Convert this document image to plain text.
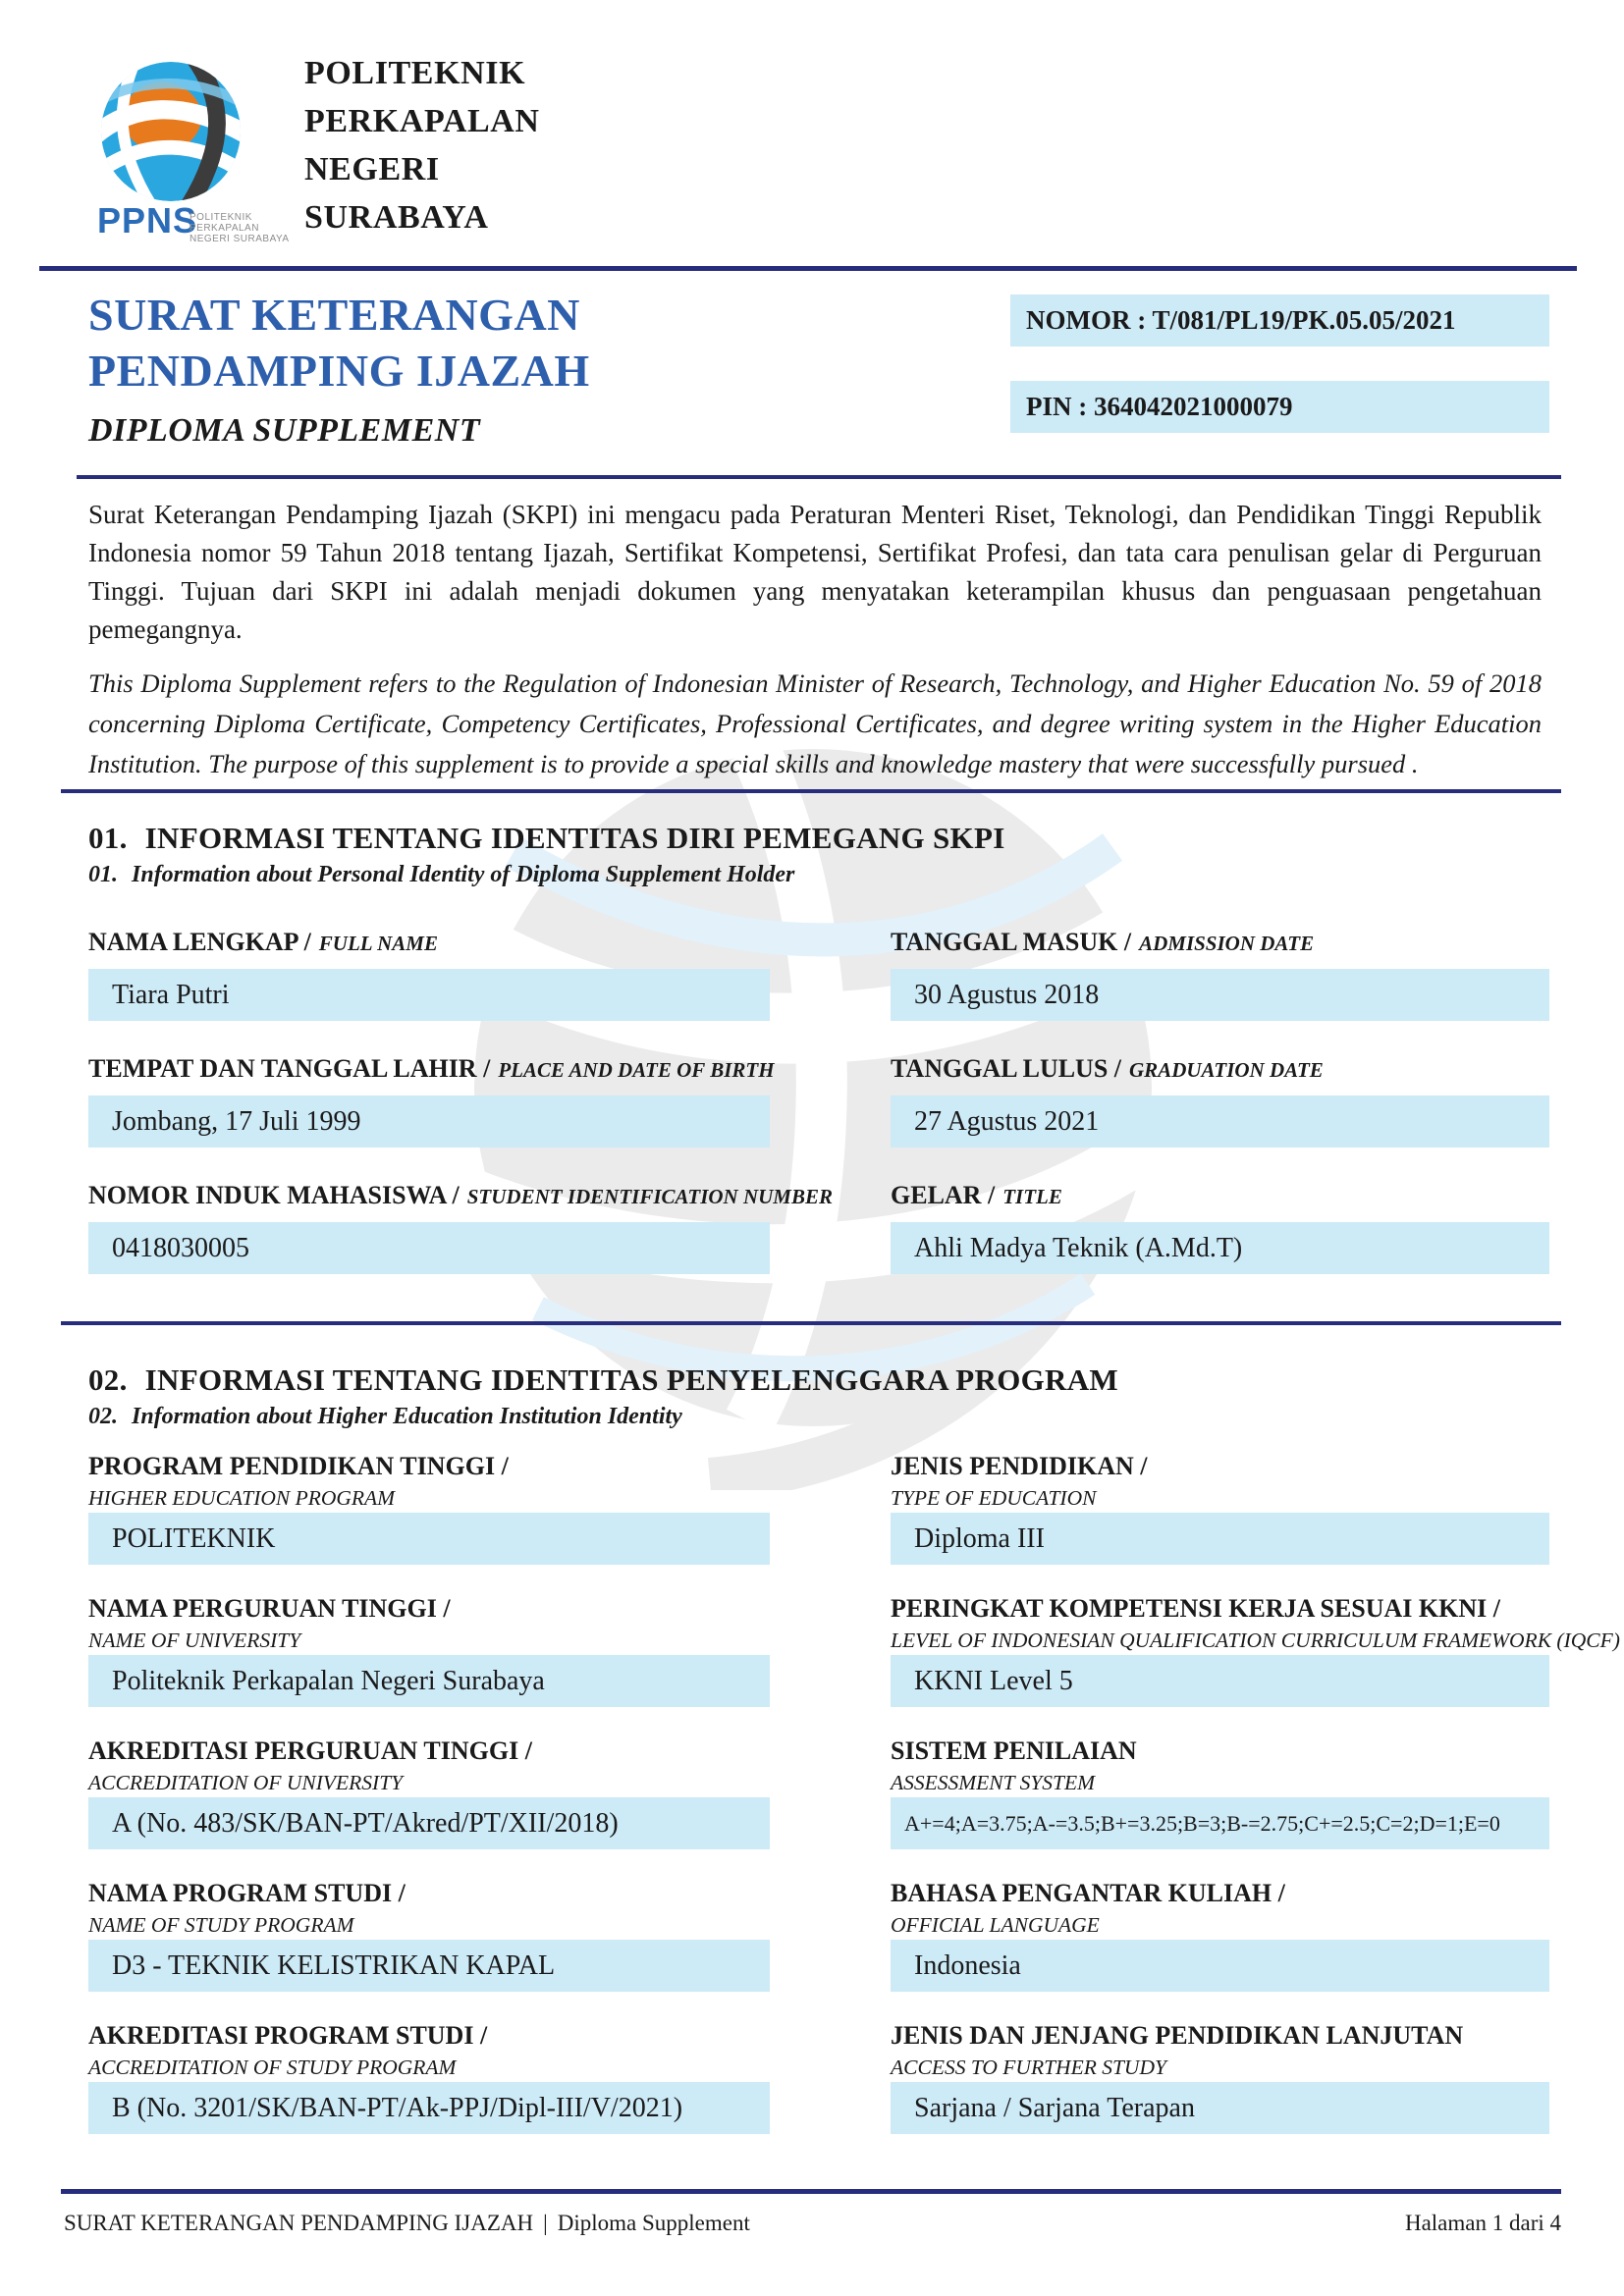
PPNS
POLITEKNIK
PERKAPALAN
NEGERI SURABAYA
POLITEKNIK
PERKAPALAN
NEGERI
SURABAYA
SURAT KETERANGAN
PENDAMPING IJAZAH
DIPLOMA SUPPLEMENT
NOMOR : T/081/PL19/PK.05.05/2021
PIN : 364042021000079
Surat Keterangan Pendamping Ijazah (SKPI) ini mengacu pada Peraturan Menteri Riset, Teknologi, dan Pendidikan Tinggi Republik Indonesia nomor 59 Tahun 2018 tentang Ijazah, Sertifikat Kompetensi, Sertifikat Profesi, dan tata cara penulisan gelar di Perguruan Tinggi. Tujuan dari SKPI ini adalah menjadi dokumen yang menyatakan keterampilan khusus dan penguasaan pengetahuan pemegangnya.
This Diploma Supplement refers to the Regulation of Indonesian Minister of Research, Technology, and Higher Education No. 59 of 2018 concerning Diploma Certificate, Competency Certificates, Professional Certificates, and degree writing system in the Higher Education Institution. The purpose of this supplement is to provide a special skills and knowledge mastery that were successfully pursued .
01. INFORMASI TENTANG IDENTITAS DIRI PEMEGANG SKPI
01. Information about Personal Identity of Diploma Supplement Holder
NAMA LENGKAP / FULL NAME
Tiara Putri
TEMPAT DAN TANGGAL LAHIR / PLACE AND DATE OF BIRTH
Jombang, 17 Juli 1999
NOMOR INDUK MAHASISWA / STUDENT IDENTIFICATION NUMBER
0418030005
TANGGAL MASUK / ADMISSION DATE
30 Agustus 2018
TANGGAL LULUS / GRADUATION DATE
27 Agustus 2021
GELAR / TITLE
Ahli Madya Teknik (A.Md.T)
02. INFORMASI TENTANG IDENTITAS PENYELENGGARA PROGRAM
02. Information about Higher Education Institution Identity
PROGRAM PENDIDIKAN TINGGI /
HIGHER EDUCATION PROGRAM
POLITEKNIK
NAMA PERGURUAN TINGGI /
NAME OF UNIVERSITY
Politeknik Perkapalan Negeri Surabaya
AKREDITASI PERGURUAN TINGGI /
ACCREDITATION OF UNIVERSITY
A (No. 483/SK/BAN-PT/Akred/PT/XII/2018)
NAMA PROGRAM STUDI /
NAME OF STUDY PROGRAM
D3 - TEKNIK KELISTRIKAN KAPAL
AKREDITASI PROGRAM STUDI /
ACCREDITATION OF STUDY PROGRAM
B (No. 3201/SK/BAN-PT/Ak-PPJ/Dipl-III/V/2021)
JENIS PENDIDIKAN /
TYPE OF EDUCATION
Diploma III
PERINGKAT KOMPETENSI KERJA SESUAI KKNI /
LEVEL OF INDONESIAN QUALIFICATION CURRICULUM FRAMEWORK (IQCF)
KKNI Level 5
SISTEM PENILAIAN
ASSESSMENT SYSTEM
A+=4;A=3.75;A-=3.5;B+=3.25;B=3;B-=2.75;C+=2.5;C=2;D=1;E=0
BAHASA PENGANTAR KULIAH /
OFFICIAL LANGUAGE
Indonesia
JENIS DAN JENJANG PENDIDIKAN LANJUTAN
ACCESS TO FURTHER STUDY
Sarjana / Sarjana Terapan
SURAT KETERANGAN PENDAMPING IJAZAH | Diploma Supplement	Halaman 1 dari 4
